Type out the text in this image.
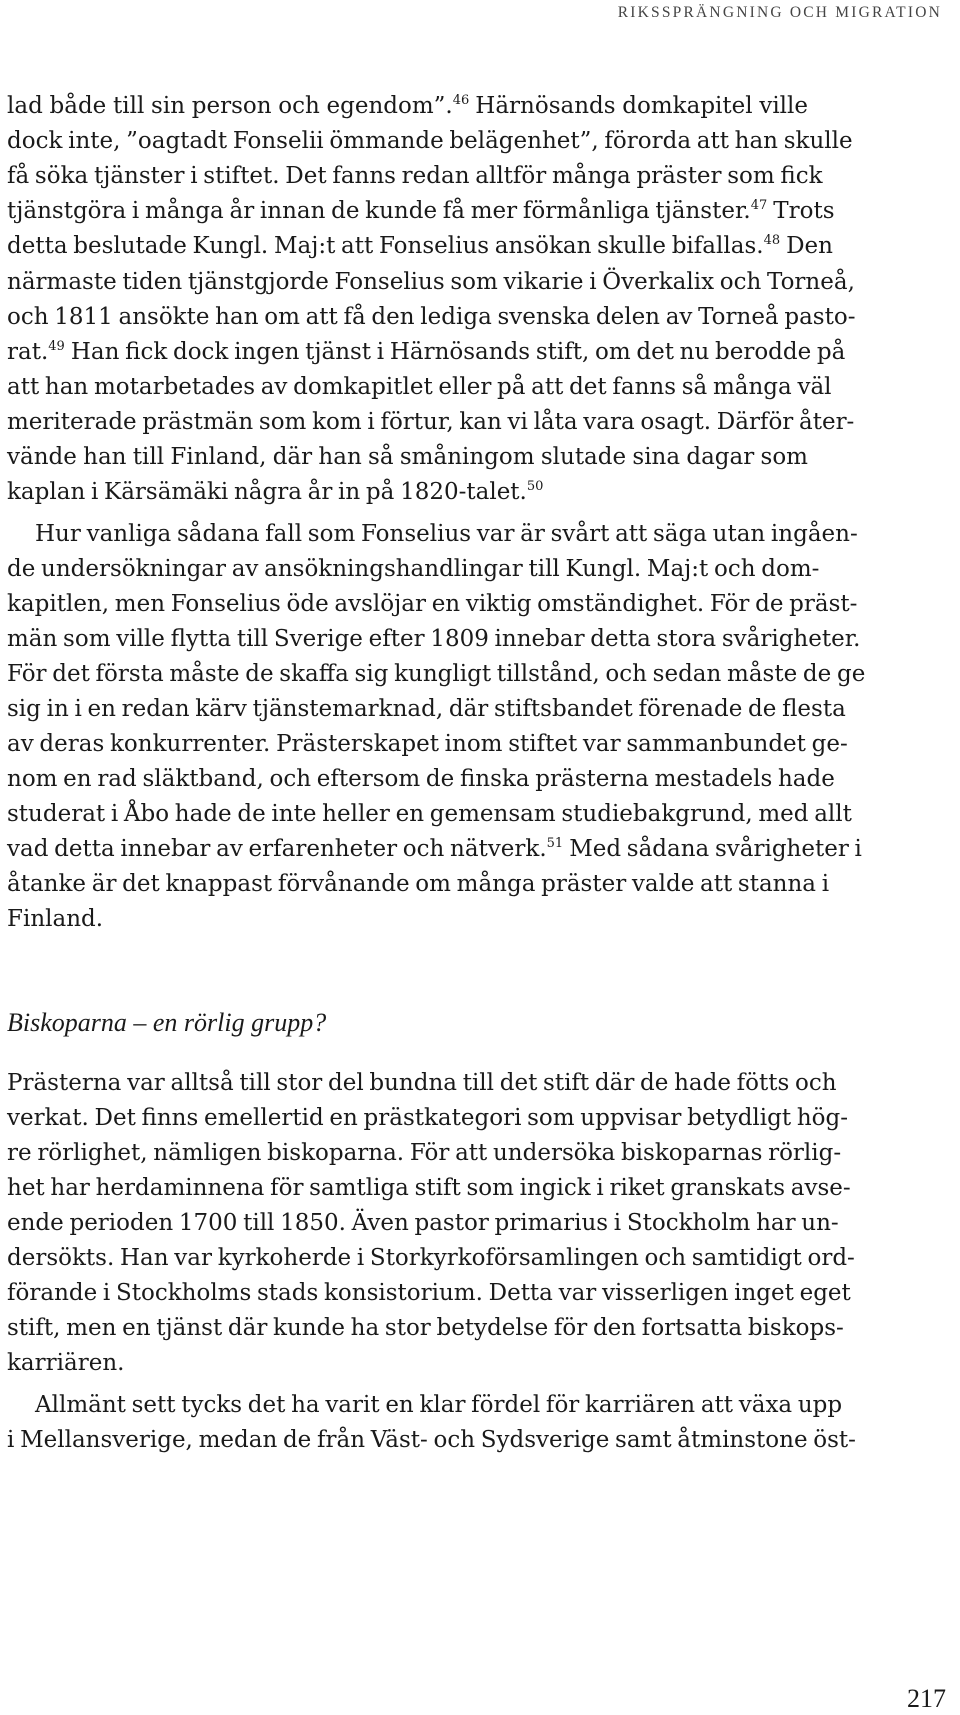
RIKSSPRÄNGNING OCH MIGRATION
lad både till sin person och egendom”.$^{46}$ Härnösands domkapitel ville
dock inte, ”oagtadt Fonselii ömmande belägenhet”, förorda att han skulle
få söka tjänster i stiftet. Det fanns redan alltför många präster som fick
tjänstgöra i många år innan de kunde få mer förmånliga tjänster.$^{47}$ Trots
detta beslutade Kungl. Maj:t att Fonselius ansökan skulle bifallas.$^{48}$ Den
närmaste tiden tjänstgjorde Fonselius som vikarie i Överkalix och Torneå,
och 1811 ansökte han om att få den lediga svenska delen av Torneå pasto-
rat.$^{49}$ Han fick dock ingen tjänst i Härnösands stift, om det nu berodde på
att han motarbetades av domkapitlet eller på att det fanns så många väl
meriterade prästmän som kom i förtur, kan vi låta vara osagt. Därför åter-
vände han till Finland, där han så småningom slutade sina dagar som
kaplan i Kärsämäki några år in på 1820-talet.$^{50}$
Hur vanliga sådana fall som Fonselius var är svårt att säga utan ingåen-
de undersökningar av ansökningshandlingar till Kungl. Maj:t och dom-
kapitlen, men Fonselius öde avslöjar en viktig omständighet. För de präst-
män som ville flytta till Sverige efter 1809 innebar detta stora svårigheter.
För det första måste de skaffa sig kungligt tillstånd, och sedan måste de ge
sig in i en redan kärv tjänstemarknad, där stiftsbandet förenade de flesta
av deras konkurrenter. Prästerskapet inom stiftet var sammanbundet ge-
nom en rad släktband, och eftersom de finska prästerna mestadels hade
studerat i Åbo hade de inte heller en gemensam studiebakgrund, med allt
vad detta innebar av erfarenheter och nätverk.$^{51}$ Med sådana svårigheter i
åtanke är det knappast förvånande om många präster valde att stanna i
Finland.
Prästerna var alltså till stor del bundna till det stift där de hade fötts och
verkat. Det finns emellertid en prästkategori som uppvisar betydligt hög-
re rörlighet, nämligen biskoparna. För att undersöka biskoparnas rörlig-
het har herdaminnena för samtliga stift som ingick i riket granskats avse-
ende perioden 1700 till 1850. Även pastor primarius i Stockholm har un-
dersökts. Han var kyrkoherde i Storkyrkoförsamlingen och samtidigt ord-
förande i Stockholms stads konsistorium. Detta var visserligen inget eget
stift, men en tjänst där kunde ha stor betydelse för den fortsatta biskops-
karriären.
Allmänt sett tycks det ha varit en klar fördel för karriären att växa upp
i Mellansverige, medan de från Väst- och Sydsverige samt åtminstone öst-
Biskoparna – en rörlig grupp?
217
